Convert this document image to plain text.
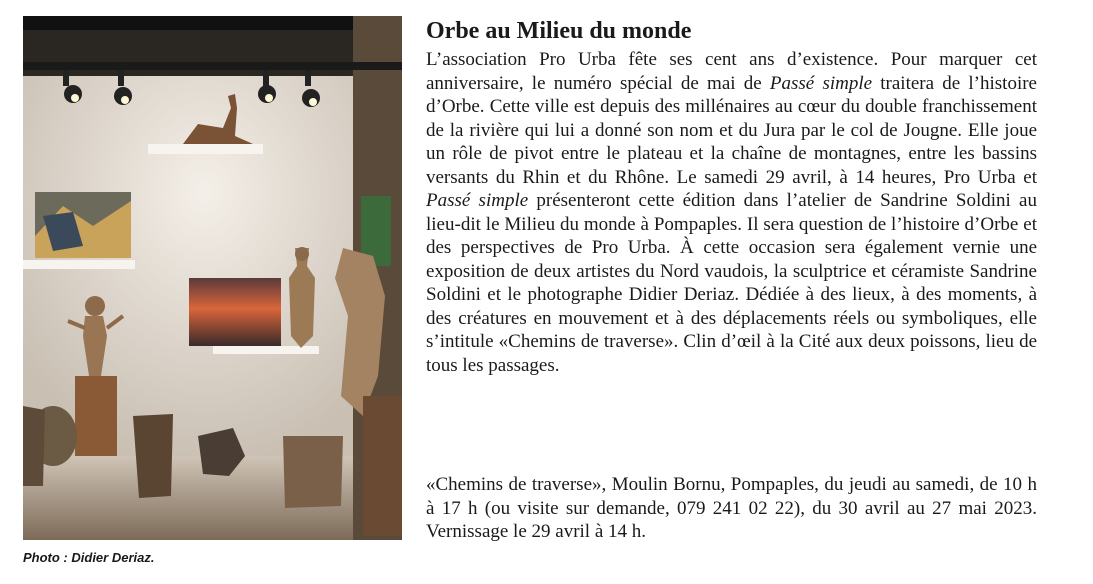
Photo : Didier Deriaz.
Orbe au Milieu du monde

L’association Pro Urba fête ses cent ans d’existence. Pour marquer cet anniversaire, le numéro spécial de mai de Passé simple traitera de l’histoire d’Orbe. Cette ville est depuis des millénaires au cœur du double franchissement de la rivière qui lui a donné son nom et du Jura par le col de Jougne. Elle joue un rôle de pivot entre le plateau et la chaîne de montagnes, entre les bassins versants du Rhin et du Rhône. Le samedi 29 avril, à 14 heures, Pro Urba et Passé simple présenteront cette édition dans l’atelier de Sandrine Soldini au lieu-dit le Milieu du monde à Pompaples. Il sera question de l’histoire d’Orbe et des perspectives de Pro Urba. À cette occasion sera également vernie une exposition de deux artistes du Nord vaudois, la sculptrice et céramiste Sandrine Soldini et le photographe Didier Deriaz. Dédiée à des lieux, à des moments, à des créatures en mouvement et à des déplacements réels ou symboliques, elle s’intitule «Chemins de traverse». Clin d’œil à la Cité aux deux poissons, lieu de tous les passages.

«Chemins de traverse», Moulin Bornu, Pompaples, du jeudi au samedi, de 10 h à 17 h (ou visite sur demande, 079 241 02 22), du 30 avril au 27 mai 2023. Vernissage le 29 avril à 14 h.
